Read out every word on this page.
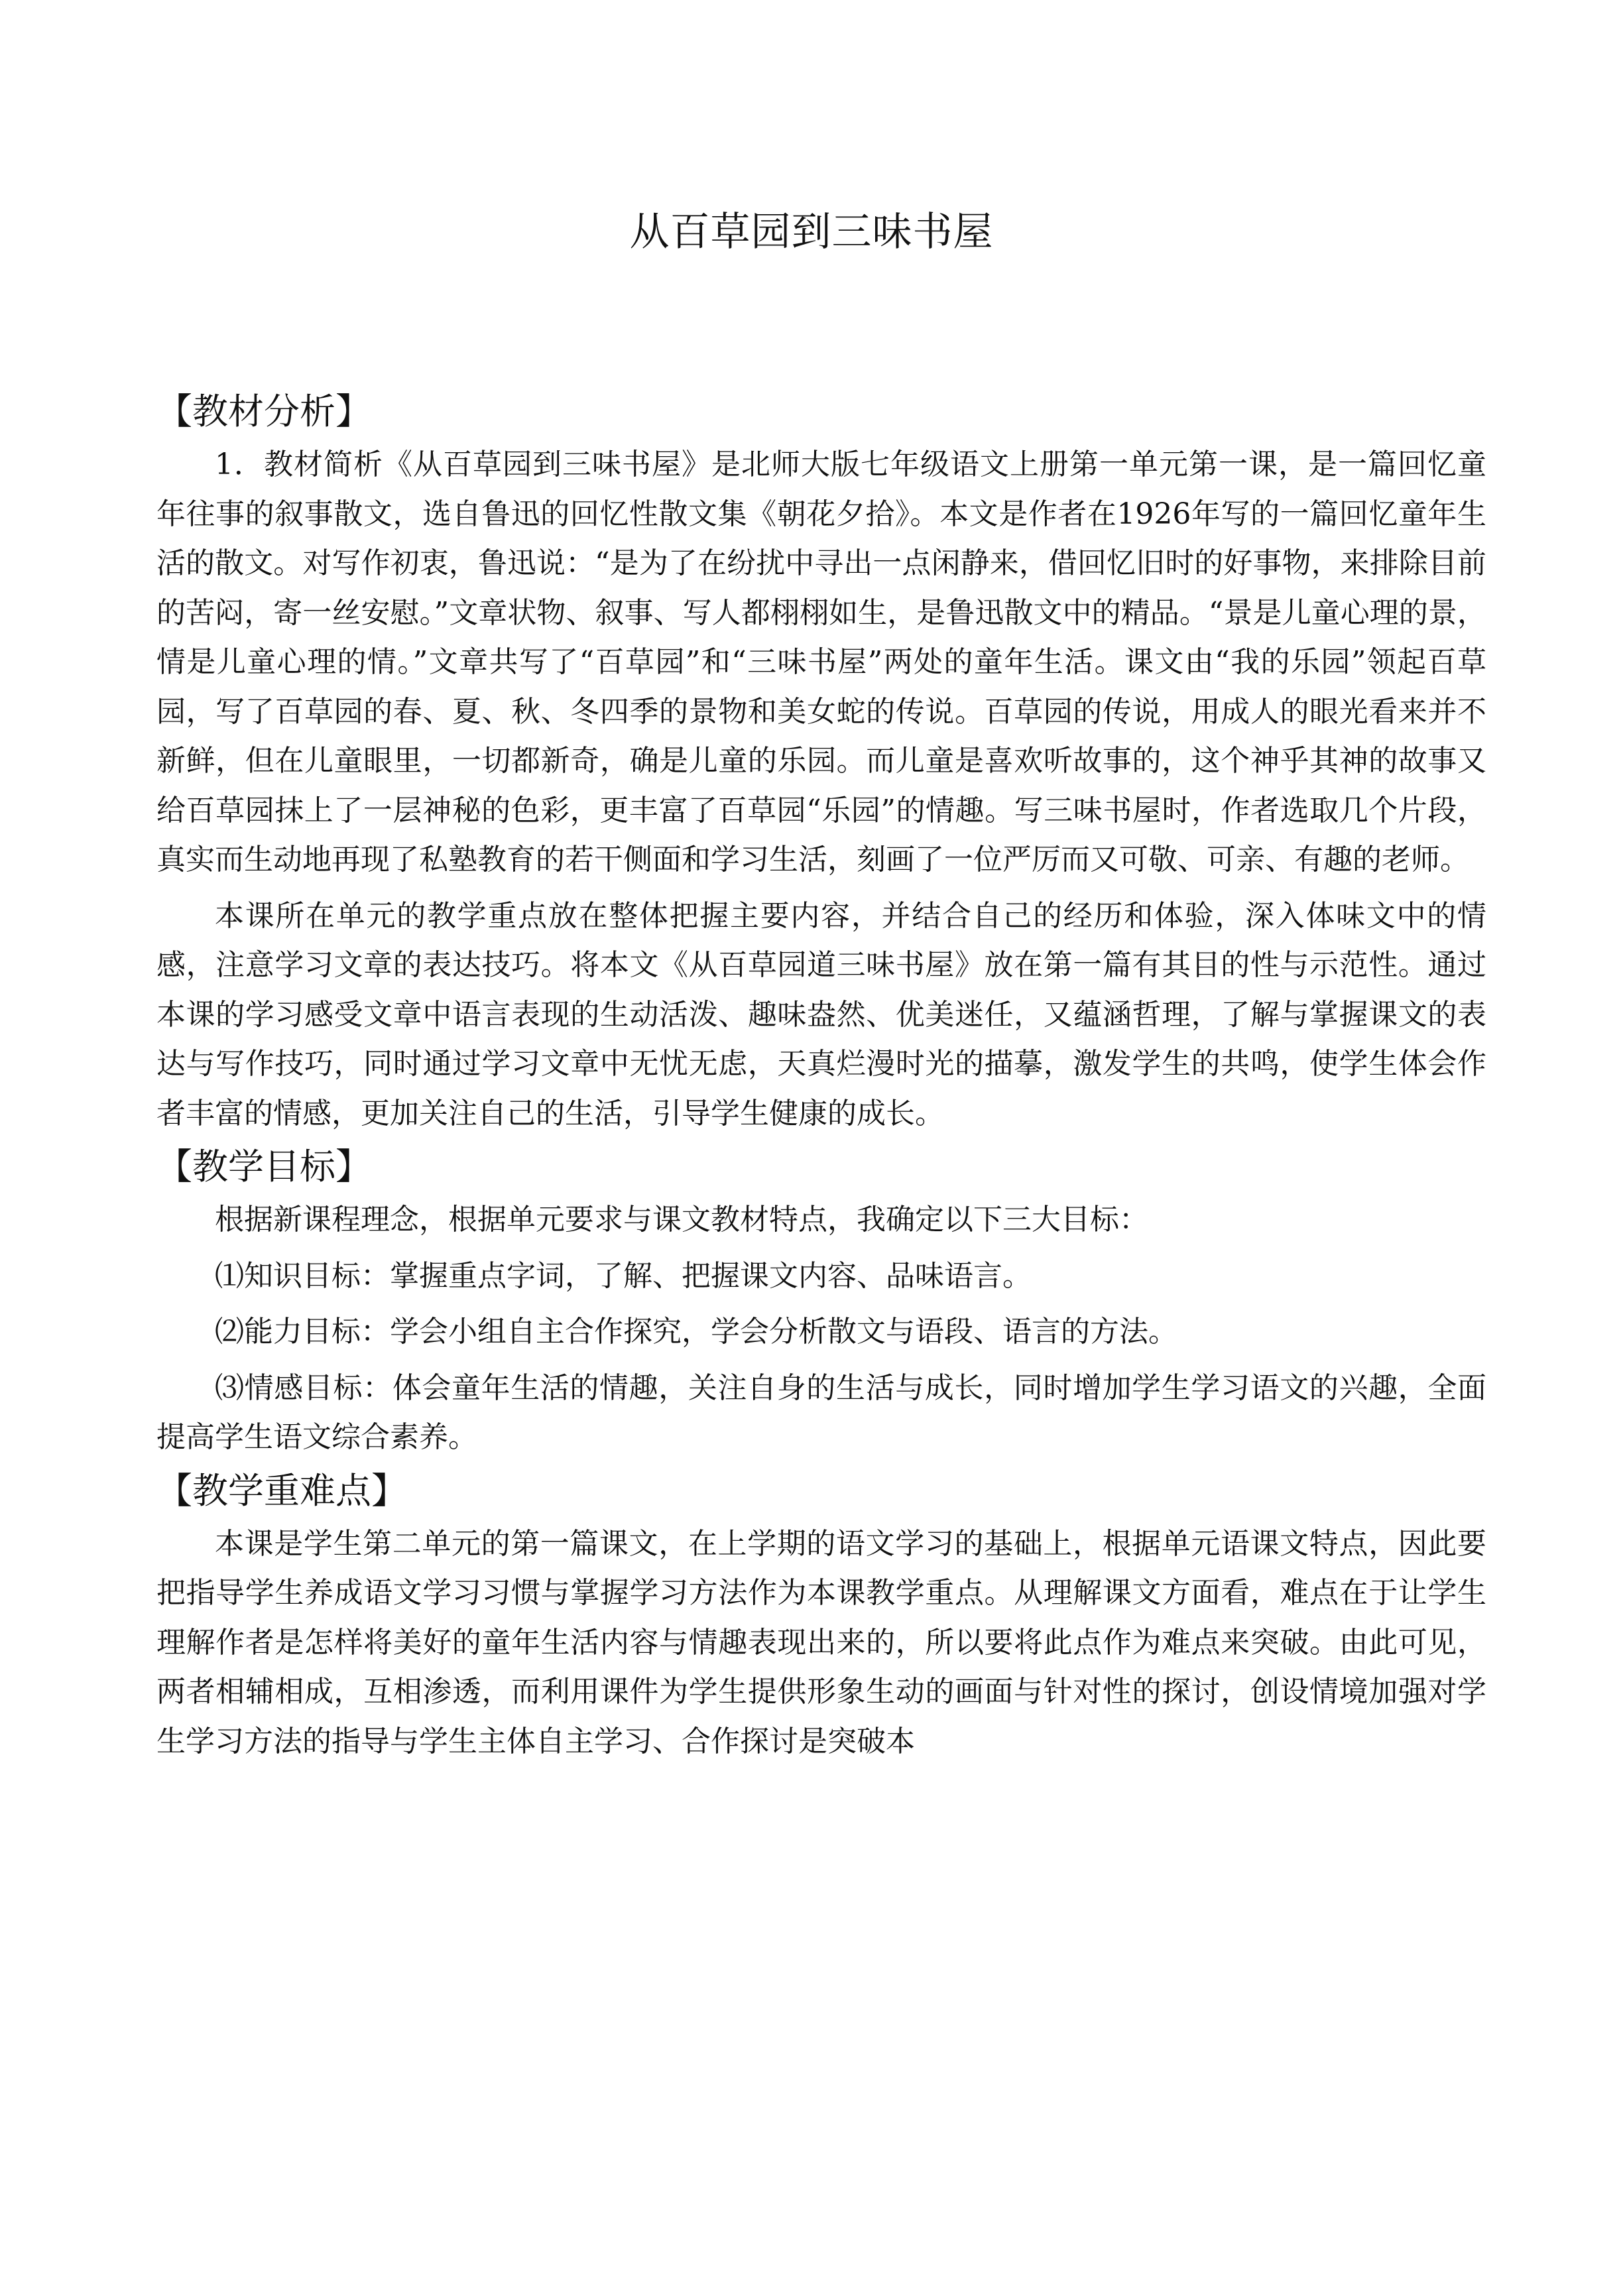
从百草园到三味书屋

【教材分析】

1．教材简析《从百草园到三味书屋》是北师大版七年级语文上册第一单元第一课，是一篇回忆童年往事的叙事散文，选自鲁迅的回忆性散文集《朝花夕拾》。本文是作者在1926年写的一篇回忆童年生活的散文。对写作初衷，鲁迅说：“是为了在纷扰中寻出一点闲静来，借回忆旧时的好事物，来排除目前的苦闷，寄一丝安慰。”文章状物、叙事、写人都栩栩如生，是鲁迅散文中的精品。“景是儿童心理的景，情是儿童心理的情。”文章共写了“百草园”和“三味书屋”两处的童年生活。课文由“我的乐园”领起百草园，写了百草园的春、夏、秋、冬四季的景物和美女蛇的传说。百草园的传说，用成人的眼光看来并不新鲜，但在儿童眼里，一切都新奇，确是儿童的乐园。而儿童是喜欢听故事的，这个神乎其神的故事又给百草园抹上了一层神秘的色彩，更丰富了百草园“乐园”的情趣。写三味书屋时，作者选取几个片段，真实而生动地再现了私塾教育的若干侧面和学习生活，刻画了一位严厉而又可敬、可亲、有趣的老师。

本课所在单元的教学重点放在整体把握主要内容，并结合自己的经历和体验，深入体味文中的情感，注意学习文章的表达技巧。将本文《从百草园道三味书屋》放在第一篇有其目的性与示范性。通过本课的学习感受文章中语言表现的生动活泼、趣味盎然、优美迷任，又蕴涵哲理，了解与掌握课文的表达与写作技巧，同时通过学习文章中无忧无虑，天真烂漫时光的描摹，激发学生的共鸣，使学生体会作者丰富的情感，更加关注自己的生活，引导学生健康的成长。

【教学目标】

根据新课程理念，根据单元要求与课文教材特点，我确定以下三大目标：

⑴知识目标：掌握重点字词，了解、把握课文内容、品味语言。

⑵能力目标：学会小组自主合作探究，学会分析散文与语段、语言的方法。

⑶情感目标：体会童年生活的情趣，关注自身的生活与成长，同时增加学生学习语文的兴趣，全面提高学生语文综合素养。

【教学重难点】

本课是学生第二单元的第一篇课文，在上学期的语文学习的基础上，根据单元语课文特点，因此要把指导学生养成语文学习习惯与掌握学习方法作为本课教学重点。从理解课文方面看，难点在于让学生理解作者是怎样将美好的童年生活内容与情趣表现出来的，所以要将此点作为难点来突破。由此可见，两者相辅相成，互相渗透，而利用课件为学生提供形象生动的画面与针对性的探讨，创设情境加强对学生学习方法的指导与学生主体自主学习、合作探讨是突破本
